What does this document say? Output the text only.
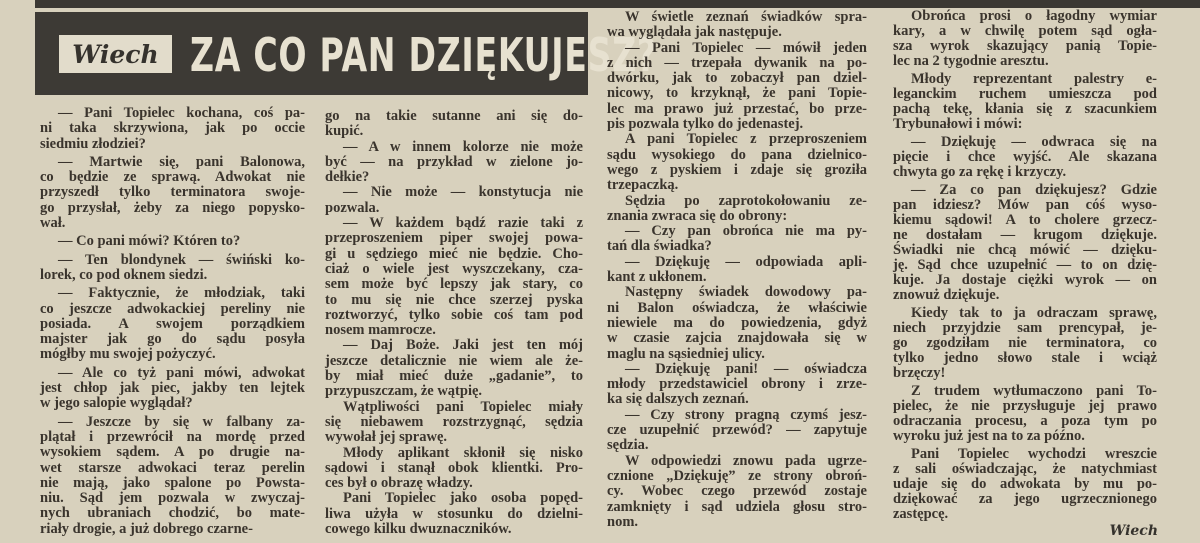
Wiech ZA CO PAN DZIĘKUJESZ?
— Pani Topielec kochana, coś pa-
ni taka skrzywiona, jak po occie
siedmiu złodziei?
— Martwie się, pani Balonowa,
co będzie ze sprawą. Adwokat nie
przyszedł tylko terminatora swoje-
go przysłał, żeby za niego popysko-
wał.
— Co pani mówi? Któren to?
— Ten blondynek — świński ko-
lorek, co pod oknem siedzi.
— Faktycznie, że młodziak, taki
co jeszcze adwokackiej pereliny nie
posiada. A swojem porządkiem
majster jak go do sądu posyła
mógłby mu swojej pożyczyć.
— Ale co tyż pani mówi, adwokat
jest chłop jak piec, jakby ten lejtek
w jego salopie wyglądał?
— Jeszcze by się w falbany za-
plątał i przewrócił na mordę przed
wysokiem sądem. A po drugie na-
wet starsze adwokaci teraz perelin
nie mają, jako spalone po Powsta-
niu. Sąd jem pozwala w zwyczaj-
nych ubraniach chodzić, bo mate-
riały drogie, a już dobrego czarne-
go na takie sutanne ani się do-
kupić.
— A w innem kolorze nie może
być — na przykład w zielone jo-
dełkie?
— Nie może — konstytucja nie
pozwala.
— W każdem bądź razie taki z
przeproszeniem piper swojej powa-
gi u sędziego mieć nie będzie. Cho-
ciaż o wiele jest wyszczekany, cza-
sem może być lepszy jak stary, co
to mu się nie chce szerzej pyska
roztworzyć, tylko sobie coś tam pod
nosem mamrocze.
— Daj Boże. Jaki jest ten mój
jeszcze detalicznie nie wiem ale że-
by miał mieć duże „gadanie”, to
przypuszczam, że wątpię.
Wątpliwości pani Topielec miały
się niebawem rozstrzygnąć, sędzia
wywołał jej sprawę.
Młody aplikant skłonił się nisko
sądowi i stanął obok klientki. Pro-
ces był o obrazę władzy.
Pani Topielec jako osoba popęd-
liwa użyła w stosunku do dzielni-
cowego kilku dwuznaczników.
W świetle zeznań świadków spra-
wa wyglądała jak następuje.
— Pani Topielec — mówił jeden
z nich — trzepała dywanik na po-
dwórku, jak to zobaczył pan dziel-
nicowy, to krzyknął, że pani Topie-
lec ma prawo już przestać, bo prze-
pis pozwala tylko do jedenastej.
A pani Topielec z przeproszeniem
sądu wysokiego do pana dzielnico-
wego z pyskiem i zdaje się groziła
trzepaczką.
Sędzia po zaprotokołowaniu ze-
znania zwraca się do obrony:
— Czy pan obrońca nie ma py-
tań dla świadka?
— Dziękuję — odpowiada apli-
kant z ukłonem.
Następny świadek dowodowy pa-
ni Balon oświadcza, że właściwie
niewiele ma do powiedzenia, gdyż
w czasie zajcia znajdowała się w
maglu na sąsiedniej ulicy.
— Dziękuję pani! — oświadcza
młody przedstawiciel obrony i zrze-
ka się dalszych zeznań.
— Czy strony pragną czymś jesz-
cze uzupełnić przewód? — zapytuje
sędzia.
W odpowiedzi znowu pada ugrze-
cznione „Dziękuję” ze strony obroń-
cy. Wobec czego przewód zostaje
zamknięty i sąd udziela głosu stro-
nom.
Obrońca prosi o łagodny wymiar
kary, a w chwilę potem sąd ogła-
sza wyrok skazujący panią Topie-
lec na 2 tygodnie aresztu.
Młody reprezentant palestry e-
leganckim ruchem umieszcza pod
pachą tekę, kłania się z szacunkiem
Trybunałowi i mówi:
— Dziękuję — odwraca się na
pięcie i chce wyjść. Ale skazana
chwyta go za rękę i krzyczy.
— Za co pan dziękujesz? Gdzie
pan idziesz? Mów pan cóś wyso-
kiemu sądowi! A to cholere grzecz-
ne dostałam — krugom dziękuje.
Świadki nie chcą mówić — dzięku-
ję. Sąd chce uzupełnić — to on dzię-
kuje. Ja dostaje ciężki wyrok — on
znowuż dziękuje.
Kiedy tak to ja odraczam sprawę,
niech przyjdzie sam prencypał, je-
go zgodziłam nie terminatora, co
tylko jedno słowo stale i wciąż
brzęczy!
Z trudem wytłumaczono pani To-
pielec, że nie przysługuje jej prawo
odraczania procesu, a poza tym po
wyroku już jest na to za późno.
Pani Topielec wychodzi wreszcie
z sali oświadczając, że natychmiast
udaje się do adwokata by mu po-
dziękować za jego ugrzecznionego
zastępcę.
Wiech
